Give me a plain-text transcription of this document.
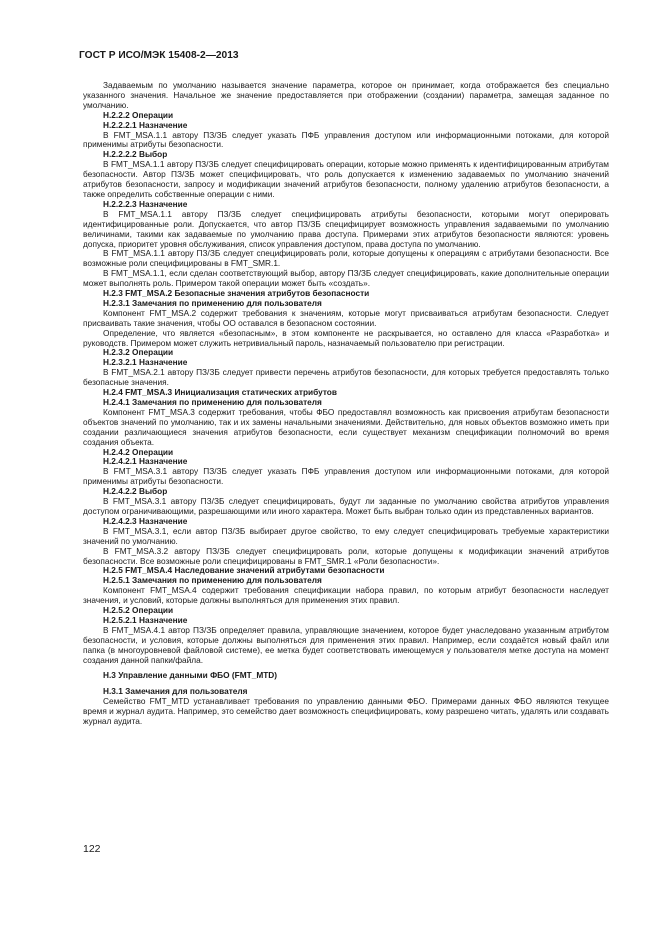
ГОСТ Р ИСО/МЭК 15408-2—2013

Задаваемым по умолчанию называется значение параметра, которое он принимает, когда отображается без специально указанного значения. Начальное же значение предоставляется при отображении (создании) параметра, замещая заданное по умолчанию.

H.2.2.2 Операции

H.2.2.2.1 Назначение

В FMT_MSA.1.1 автору ПЗ/ЗБ следует указать ПФБ управления доступом или информационными потоками, для которой применимы атрибуты безопасности.

H.2.2.2.2 Выбор

В FMT_MSA.1.1 автору ПЗ/ЗБ следует специфицировать операции, которые можно применять к идентифицированным атрибутам безопасности. Автор ПЗ/ЗБ может специфицировать, что роль допускается к изменению задаваемых по умолчанию значений атрибутов безопасности, запросу и модификации значений атрибутов безопасности, полному удалению атрибутов безопасности, а также определить собственные операции с ними.

H.2.2.2.3 Назначение

В FMT_MSA.1.1 автору ПЗ/ЗБ следует специфицировать атрибуты безопасности, которыми могут оперировать идентифицированные роли. Допускается, что автор ПЗ/ЗБ специфицирует возможность управления задаваемыми по умолчанию величинами, такими как задаваемые по умолчанию права доступа. Примерами этих атрибутов безопасности являются: уровень допуска, приоритет уровня обслуживания, список управления доступом, права доступа по умолчанию.

В FMT_MSA.1.1 автору ПЗ/ЗБ следует специфицировать роли, которые допущены к операциям с атрибутами безопасности. Все возможные роли специфицированы в FMT_SMR.1.

В FMT_MSA.1.1, если сделан соответствующий выбор, автору ПЗ/ЗБ следует специфицировать, какие дополнительные операции может выполнять роль. Примером такой операции может быть «создать».

H.2.3 FMT_MSA.2 Безопасные значения атрибутов безопасности

H.2.3.1 Замечания по применению для пользователя

Компонент FMT_MSA.2 содержит требования к значениям, которые могут присваиваться атрибутам безопасности. Следует присваивать такие значения, чтобы ОО оставался в безопасном состоянии.

Определение, что является «безопасным», в этом компоненте не раскрывается, но оставлено для класса «Разработка» и руководств. Примером может служить нетривиальный пароль, назначаемый пользователю при регистрации.

H.2.3.2 Операции

H.2.3.2.1 Назначение

В FMT_MSA.2.1 автору ПЗ/ЗБ следует привести перечень атрибутов безопасности, для которых требуется предоставлять только безопасные значения.

H.2.4 FMT_MSA.3 Инициализация статических атрибутов

H.2.4.1 Замечания по применению для пользователя

Компонент FMT_MSA.3 содержит требования, чтобы ФБО предоставлял возможность как присвоения атрибутам безопасности объектов значений по умолчанию, так и их замены начальными значениями. Действительно, для новых объектов возможно иметь при создании различающиеся значения атрибутов безопасности, если существует механизм спецификации полномочий во время создания объекта.

H.2.4.2 Операции

H.2.4.2.1 Назначение

В FMT_MSA.3.1 автору ПЗ/ЗБ следует указать ПФБ управления доступом или информационными потоками, для которой применимы атрибуты безопасности.

H.2.4.2.2 Выбор

В FMT_MSA.3.1 автору ПЗ/ЗБ следует специфицировать, будут ли заданные по умолчанию свойства атрибутов управления доступом ограничивающими, разрешающими или иного характера. Может быть выбран только один из представленных вариантов.

H.2.4.2.3 Назначение

В FMT_MSA.3.1, если автор ПЗ/ЗБ выбирает другое свойство, то ему следует специфицировать требуемые характеристики значений по умолчанию.

В FMT_MSA.3.2 автору ПЗ/ЗБ следует специфицировать роли, которые допущены к модификации значений атрибутов безопасности. Все возможные роли специфицированы в FMT_SMR.1 «Роли безопасности».

H.2.5 FMT_MSA.4 Наследование значений атрибутами безопасности

H.2.5.1 Замечания по применению для пользователя

Компонент FMT_MSA.4 содержит требования спецификации набора правил, по которым атрибут безопасности наследует значения, и условий, которые должны выполняться для применения этих правил.

H.2.5.2 Операции

H.2.5.2.1 Назначение

В FMT_MSA.4.1 автор ПЗ/ЗБ определяет правила, управляющие значением, которое будет унаследовано указанным атрибутом безопасности, и условия, которые должны выполняться для применения этих правил. Например, если создаётся новый файл или папка (в многоуровневой файловой системе), ее метка будет соответствовать имеющемуся у пользователя метке доступа на момент создания данной папки/файла.

H.3 Управление данными ФБО (FMT_MTD)

H.3.1 Замечания для пользователя

Семейство FMT_MTD устанавливает требования по управлению данными ФБО. Примерами данных ФБО являются текущее время и журнал аудита. Например, это семейство дает возможность специфицировать, кому разрешено читать, удалять или создавать журнал аудита.

122
